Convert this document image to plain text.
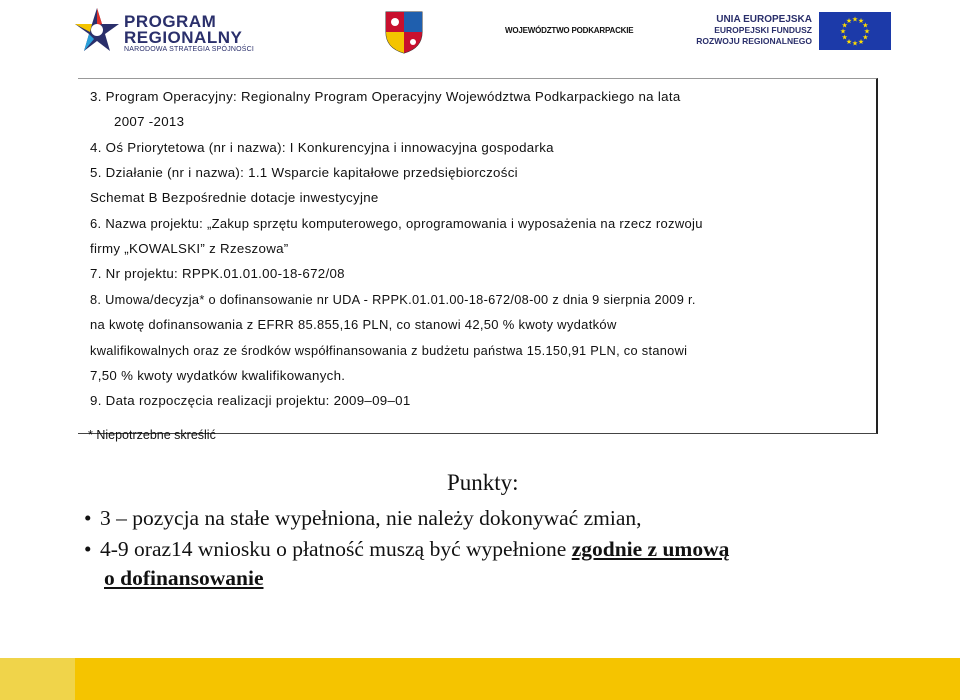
PROGRAM
REGIONALNY
NARODOWA STRATEGIA SPÓJNOŚCI
WOJEWÓDZTWO PODKARPACKIE
UNIA EUROPEJSKA
EUROPEJSKI FUNDUSZ
ROZWOJU REGIONALNEGO
★
★
★
★
★
★
★
★
★ ★ ★
★
3. Program Operacyjny: Regionalny Program Operacyjny Województwa Podkarpackiego na lata
2007 -2013
4. Oś Priorytetowa (nr i nazwa): I Konkurencyjna i innowacyjna gospodarka
5. Działanie (nr i nazwa): 1.1 Wsparcie kapitałowe przedsiębiorczości
Schemat B Bezpośrednie dotacje inwestycyjne
6. Nazwa projektu: „Zakup sprzętu komputerowego, oprogramowania i wyposażenia na rzecz rozwoju
firmy „KOWALSKI” z Rzeszowa”
7. Nr projektu: RPPK.01.01.00-18-672/08
8. Umowa/decyzja* o dofinansowanie nr UDA - RPPK.01.01.00-18-672/08-00 z dnia 9 sierpnia 2009 r.
na kwotę dofinansowania z EFRR 85.855,16 PLN, co stanowi 42,50 % kwoty wydatków
kwalifikowalnych oraz ze środków współfinansowania z budżetu państwa 15.150,91 PLN, co stanowi
7,50 % kwoty wydatków kwalifikowanych.
9. Data rozpoczęcia realizacji projektu: 2009–09–01
* Niepotrzebne skreślić
Punkty:
• 3 – pozycja na stałe wypełniona, nie należy dokonywać zmian,
• 4-9 oraz14 wniosku o płatność muszą być wypełnione zgodnie z umową
o dofinansowanie
